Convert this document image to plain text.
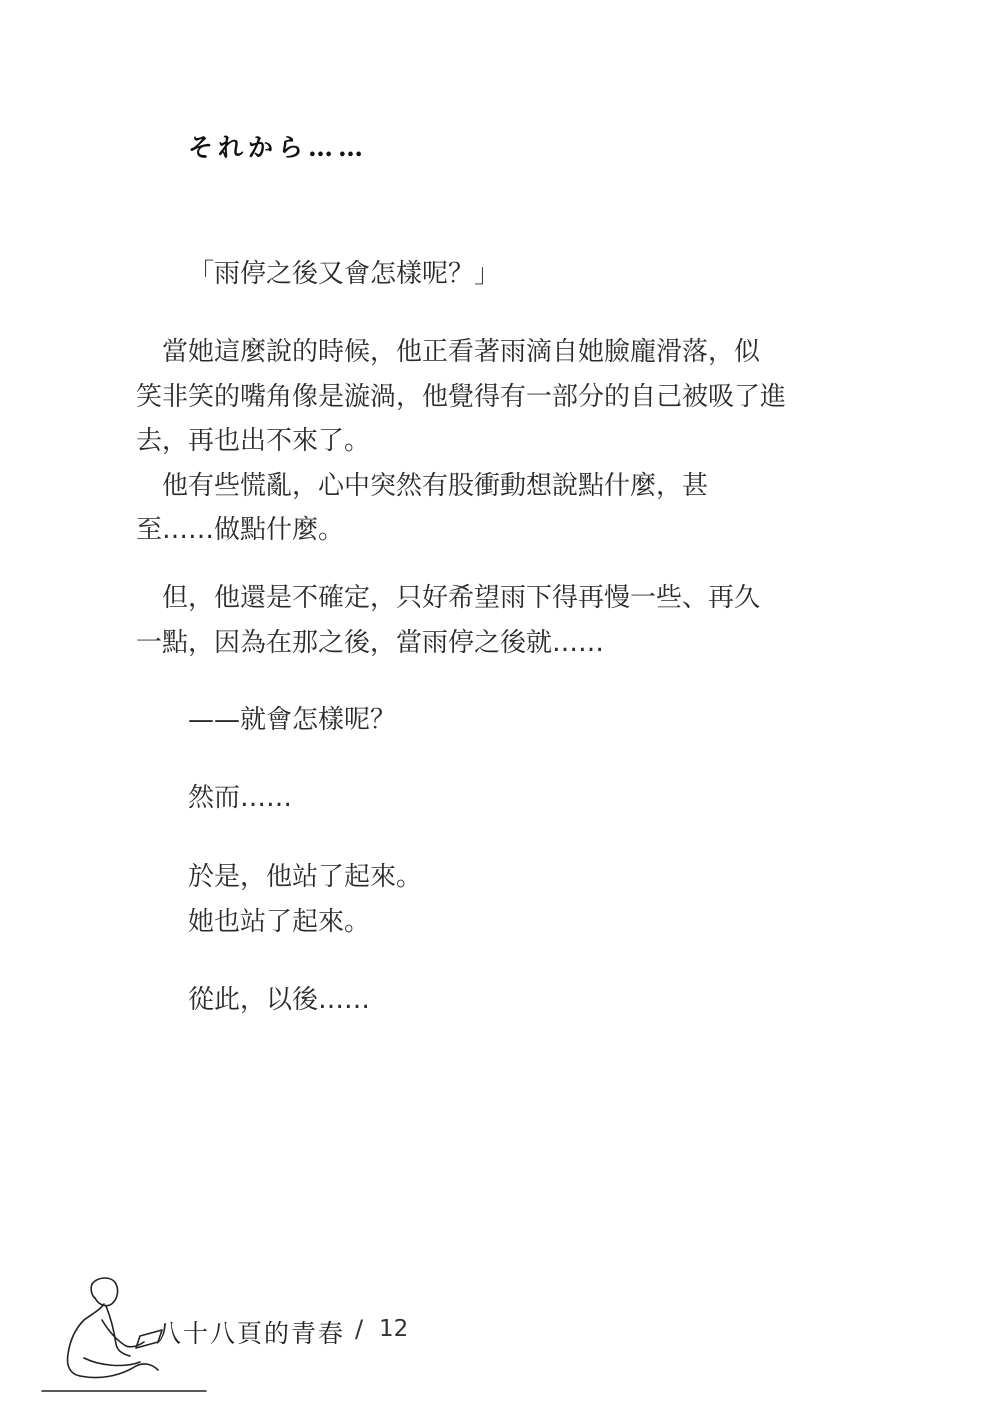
それから……
「雨停之後又會怎樣呢？」
　當她這麼說的時候，他正看著雨滴自她臉龐滑落，似
笑非笑的嘴角像是漩渦，他覺得有一部分的自己被吸了進
去，再也出不來了。
　他有些慌亂，心中突然有股衝動想說點什麼，甚
至……做點什麼。
　但，他還是不確定，只好希望雨下得再慢一些、再久
一點，因為在那之後，當雨停之後就……
——就會怎樣呢？
然而……
於是，他站了起來。
她也站了起來。
從此，以後……
八十八頁的青春 / 12
